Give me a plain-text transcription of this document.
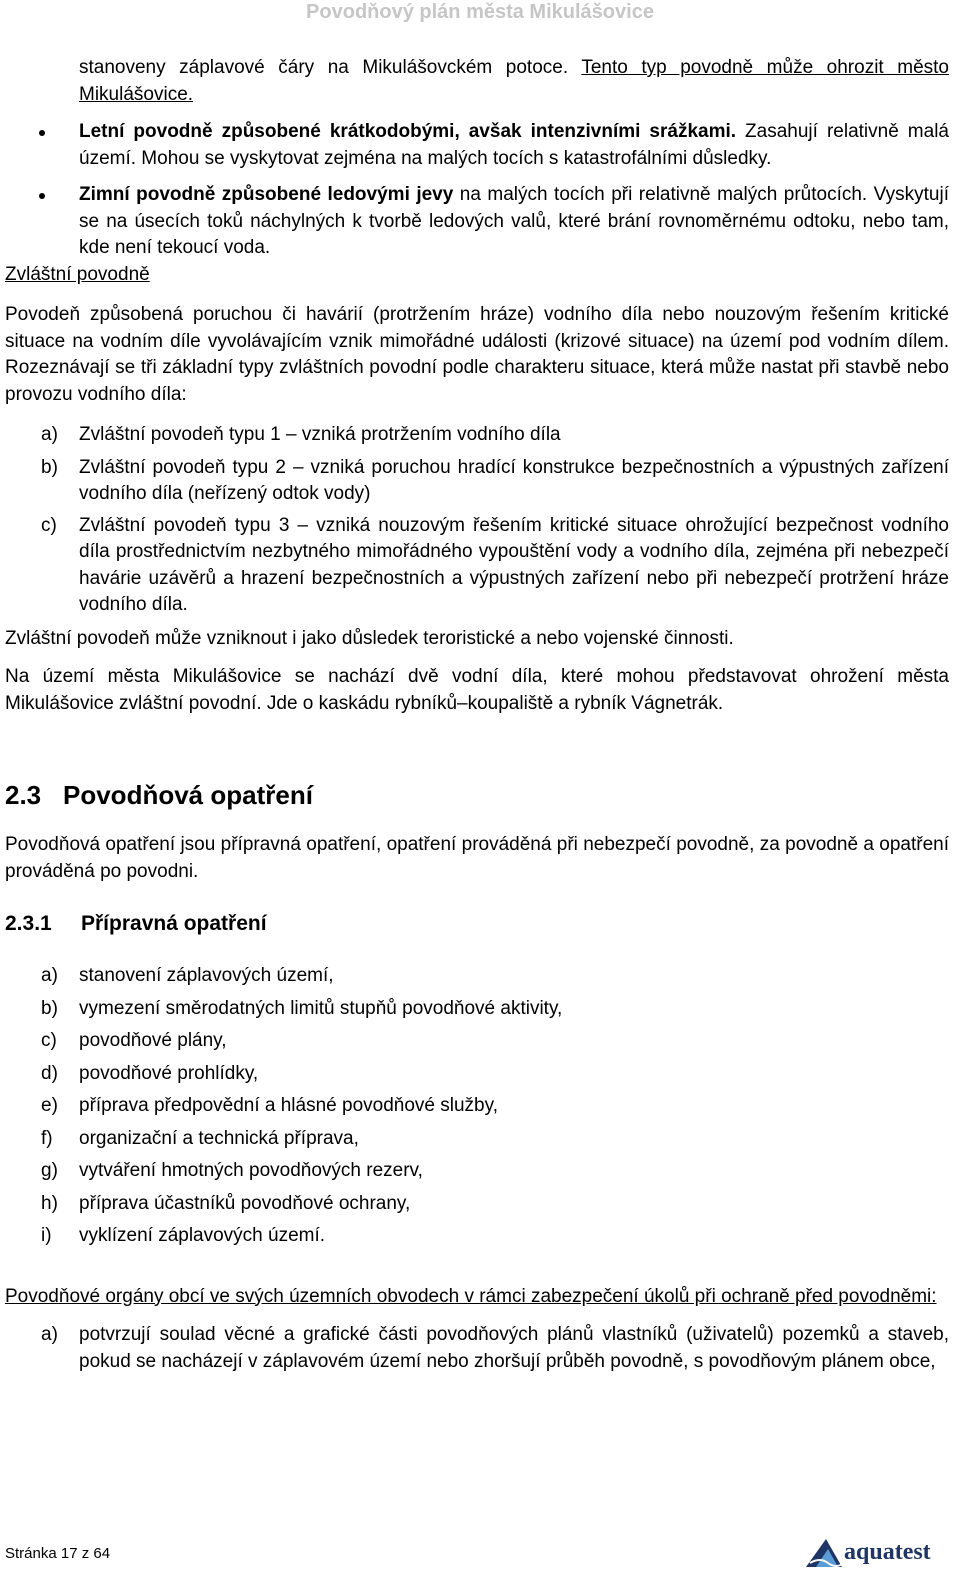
Povodňový plán města Mikulášovice

stanoveny záplavové čáry na Mikulášovckém potoce. Tento typ povodně může ohrozit město Mikulášovice.

Letní povodně způsobené krátkodobými, avšak intenzivními srážkami. Zasahují relativně malá území. Mohou se vyskytovat zejména na malých tocích s katastrofálními důsledky.
Zimní povodně způsobené ledovými jevy na malých tocích při relativně malých průtocích. Vyskytují se na úsecích toků náchylných k tvorbě ledových valů, které brání rovnoměrnému odtoku, nebo tam, kde není tekoucí voda.

Zvláštní povodně

Povodeň způsobená poruchou či havárií (protržením hráze) vodního díla nebo nouzovým řešením kritické situace na vodním díle vyvolávajícím vznik mimořádné události (krizové situace) na území pod vodním dílem. Rozeznávají se tři základní typy zvláštních povodní podle charakteru situace, která může nastat při stavbě nebo provozu vodního díla:

a) Zvláštní povodeň typu 1 – vzniká protržením vodního díla
b) Zvláštní povodeň typu 2 – vzniká poruchou hradící konstrukce bezpečnostních a výpustných zařízení vodního díla (neřízený odtok vody)
c) Zvláštní povodeň typu 3 – vzniká nouzovým řešením kritické situace ohrožující bezpečnost vodního díla prostřednictvím nezbytného mimořádného vypouštění vody a vodního díla, zejména při nebezpečí havárie uzávěrů a hrazení bezpečnostních a výpustných zařízení nebo při nebezpečí protržení hráze vodního díla.

Zvláštní povodeň může vzniknout i jako důsledek teroristické a nebo vojenské činnosti.

Na území města Mikulášovice se nachází dvě vodní díla, které mohou představovat ohrožení města Mikulášovice zvláštní povodní. Jde o kaskádu rybníků–koupaliště a rybník Vágnetrák.

2.3 Povodňová opatření

Povodňová opatření jsou přípravná opatření, opatření prováděná při nebezpečí povodně, za povodně a opatření prováděná po povodni.

2.3.1 Přípravná opatření
a) stanovení záplavových území,
b) vymezení směrodatných limitů stupňů povodňové aktivity,
c) povodňové plány,
d) povodňové prohlídky,
e) příprava předpovědní a hlásné povodňové služby,
f) organizační a technická příprava,
g) vytváření hmotných povodňových rezerv,
h) příprava účastníků povodňové ochrany,
i) vyklízení záplavových území.

Povodňové orgány obcí ve svých územních obvodech v rámci zabezpečení úkolů při ochraně před povodněmi:

a) potvrzují soulad věcné a grafické části povodňových plánů vlastníků (uživatelů) pozemků a staveb, pokud se nacházejí v záplavovém území nebo zhoršují průběh povodně, s povodňovým plánem obce,
Stránka 17 z 64	aquatest
